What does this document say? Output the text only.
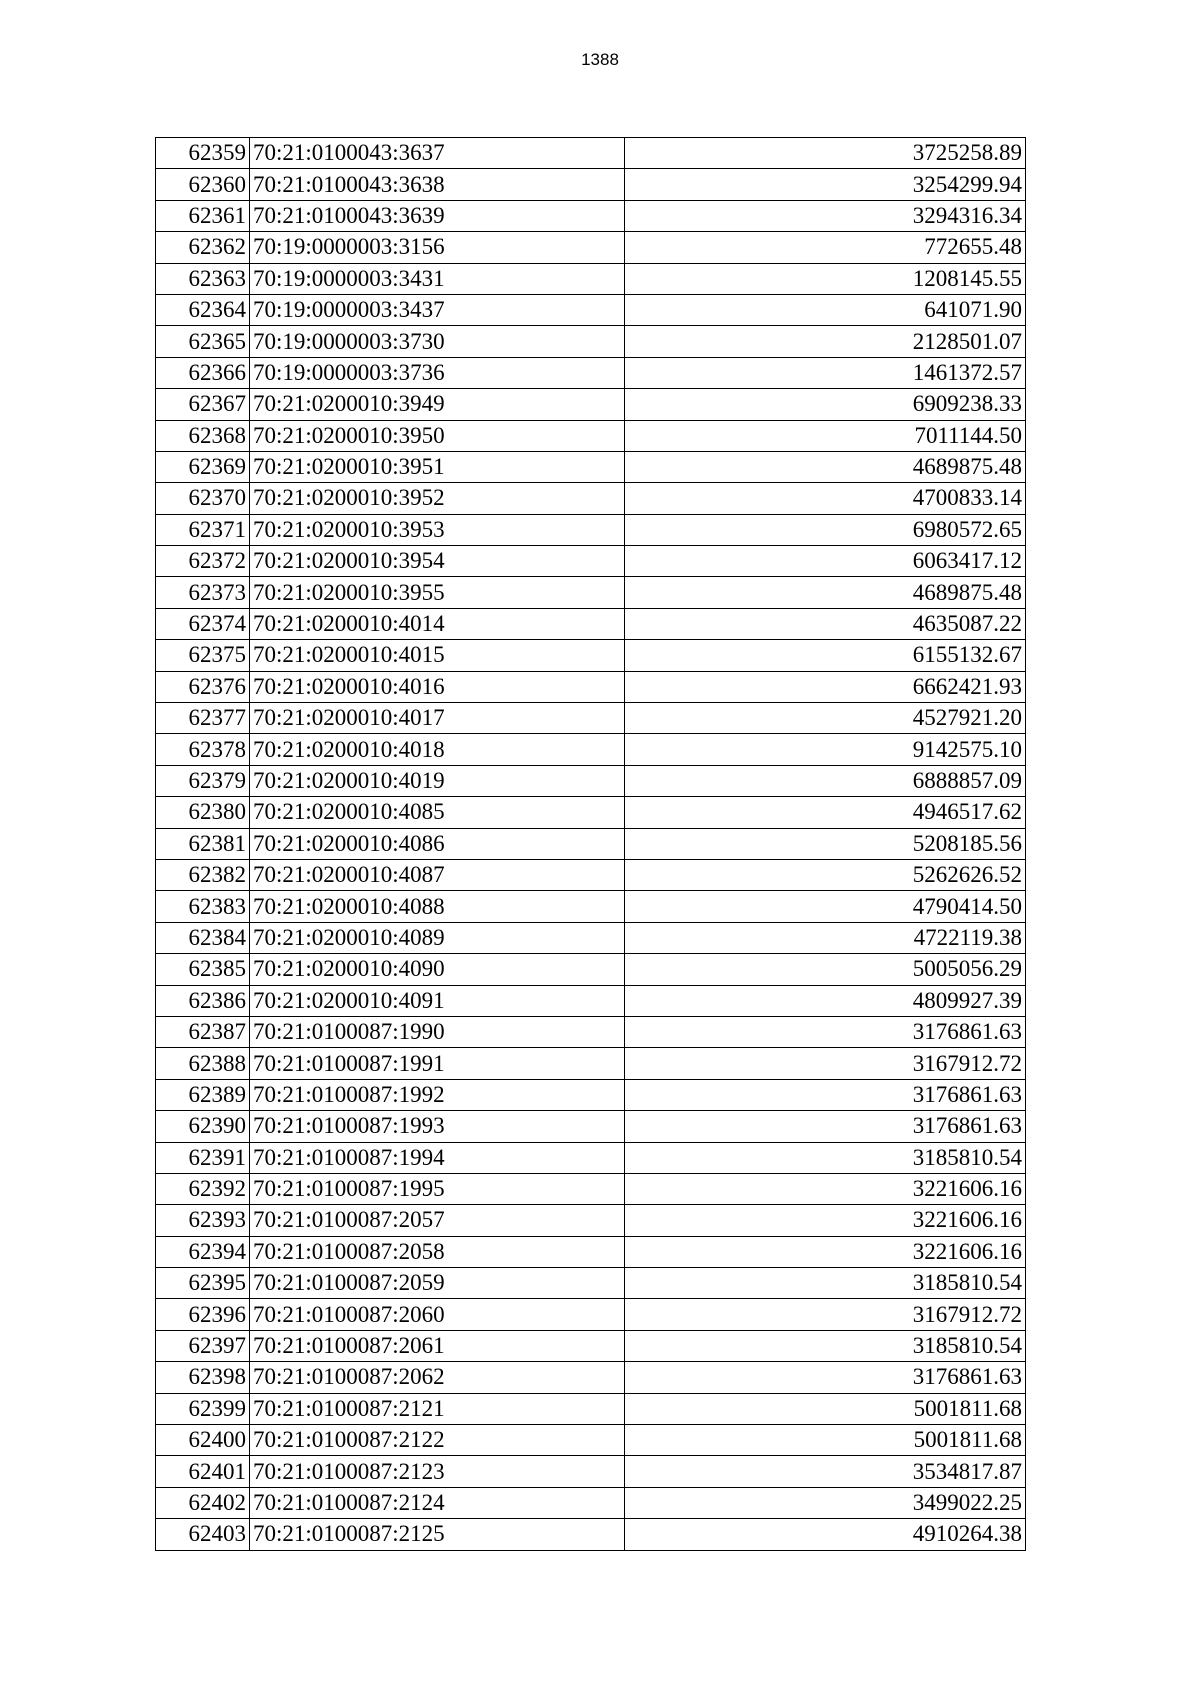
1388
62359	70:21:0100043:3637	3725258.89
62360	70:21:0100043:3638	3254299.94
62361	70:21:0100043:3639	3294316.34
62362	70:19:0000003:3156	772655.48
62363	70:19:0000003:3431	1208145.55
62364	70:19:0000003:3437	641071.90
62365	70:19:0000003:3730	2128501.07
62366	70:19:0000003:3736	1461372.57
62367	70:21:0200010:3949	6909238.33
62368	70:21:0200010:3950	7011144.50
62369	70:21:0200010:3951	4689875.48
62370	70:21:0200010:3952	4700833.14
62371	70:21:0200010:3953	6980572.65
62372	70:21:0200010:3954	6063417.12
62373	70:21:0200010:3955	4689875.48
62374	70:21:0200010:4014	4635087.22
62375	70:21:0200010:4015	6155132.67
62376	70:21:0200010:4016	6662421.93
62377	70:21:0200010:4017	4527921.20
62378	70:21:0200010:4018	9142575.10
62379	70:21:0200010:4019	6888857.09
62380	70:21:0200010:4085	4946517.62
62381	70:21:0200010:4086	5208185.56
62382	70:21:0200010:4087	5262626.52
62383	70:21:0200010:4088	4790414.50
62384	70:21:0200010:4089	4722119.38
62385	70:21:0200010:4090	5005056.29
62386	70:21:0200010:4091	4809927.39
62387	70:21:0100087:1990	3176861.63
62388	70:21:0100087:1991	3167912.72
62389	70:21:0100087:1992	3176861.63
62390	70:21:0100087:1993	3176861.63
62391	70:21:0100087:1994	3185810.54
62392	70:21:0100087:1995	3221606.16
62393	70:21:0100087:2057	3221606.16
62394	70:21:0100087:2058	3221606.16
62395	70:21:0100087:2059	3185810.54
62396	70:21:0100087:2060	3167912.72
62397	70:21:0100087:2061	3185810.54
62398	70:21:0100087:2062	3176861.63
62399	70:21:0100087:2121	5001811.68
62400	70:21:0100087:2122	5001811.68
62401	70:21:0100087:2123	3534817.87
62402	70:21:0100087:2124	3499022.25
62403	70:21:0100087:2125	4910264.38
